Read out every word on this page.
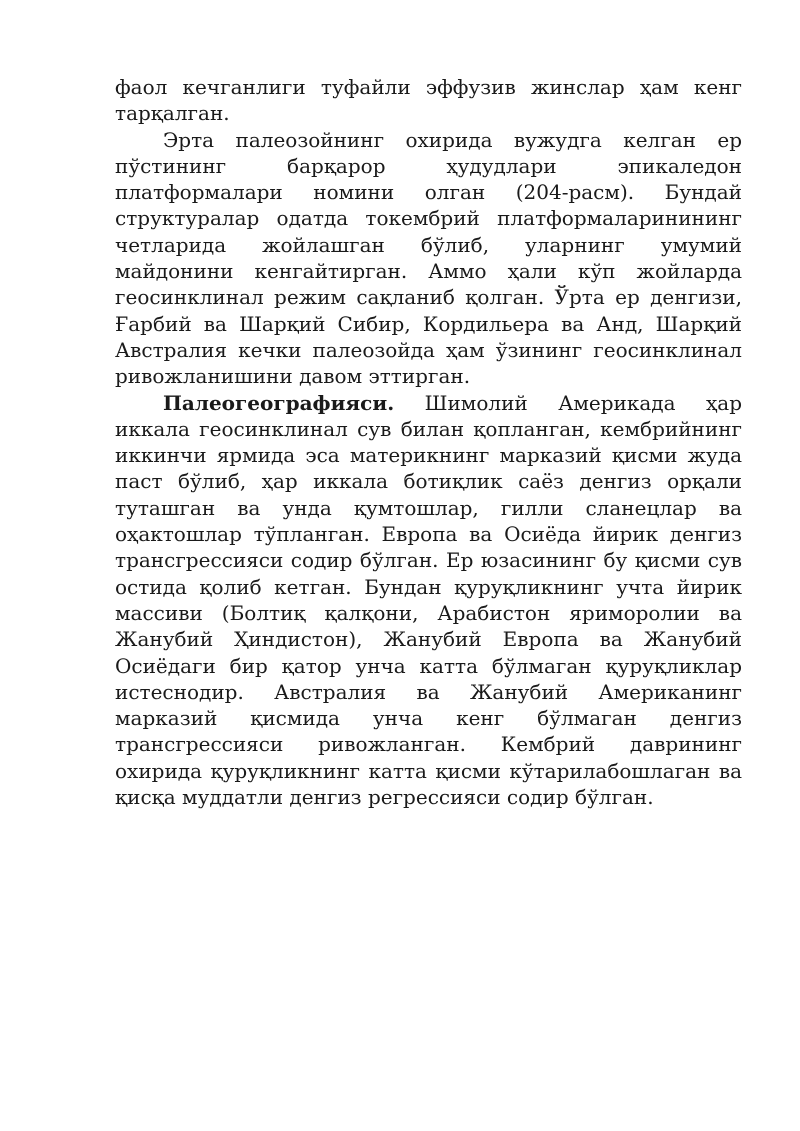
фаол кечганлиги туфайли эффузив жинслар ҳам кенг тарқалган.

Эрта палеозойнинг охирида вужудга келган ер пўстининг барқарор ҳудудлари эпикаледон платформалари номини олган (204-расм). Бундай структуралар одатда токембрий платформаларинининг четларида жойлашган бўлиб, уларнинг умумий майдонини кенгайтирган. Аммо ҳали кўп жойларда геосинклинал режим сақланиб қолган. Ўрта ер денгизи, Ғарбий ва Шарқий Сибир, Кордильера ва Анд, Шарқий Австралия кечки палеозойда ҳам ўзининг геосинклинал ривожланишини давом эттирган.

Палеогеографияси. Шимолий Америкада ҳар иккала геосинклинал сув билан қопланган, кембрийнинг иккинчи ярмида эса материкнинг марказий қисми жуда паст бўлиб, ҳар иккала ботиқлик саёз денгиз орқали туташган ва унда қумтошлар, гилли сланецлар ва оҳактошлар тўпланган. Европа ва Осиёда йирик денгиз трансгрессияси содир бўлган. Ер юзасининг бу қисми сув остида қолиб кетган. Бундан қуруқликнинг учта йирик массиви (Болтиқ қалқони, Арабистон яриморолии ва Жанубий Ҳиндистон), Жанубий Европа ва Жанубий Осиёдаги бир қатор унча катта бўлмаган қуруқликлар истеснодир. Австралия ва Жанубий Американинг марказий қисмида унча кенг бўлмаган денгиз трансгрессияси ривожланган. Кембрий даврининг охирида қуруқликнинг катта қисми кўтарилабошлаган ва қисқа муддатли денгиз регрессияси содир бўлган.
